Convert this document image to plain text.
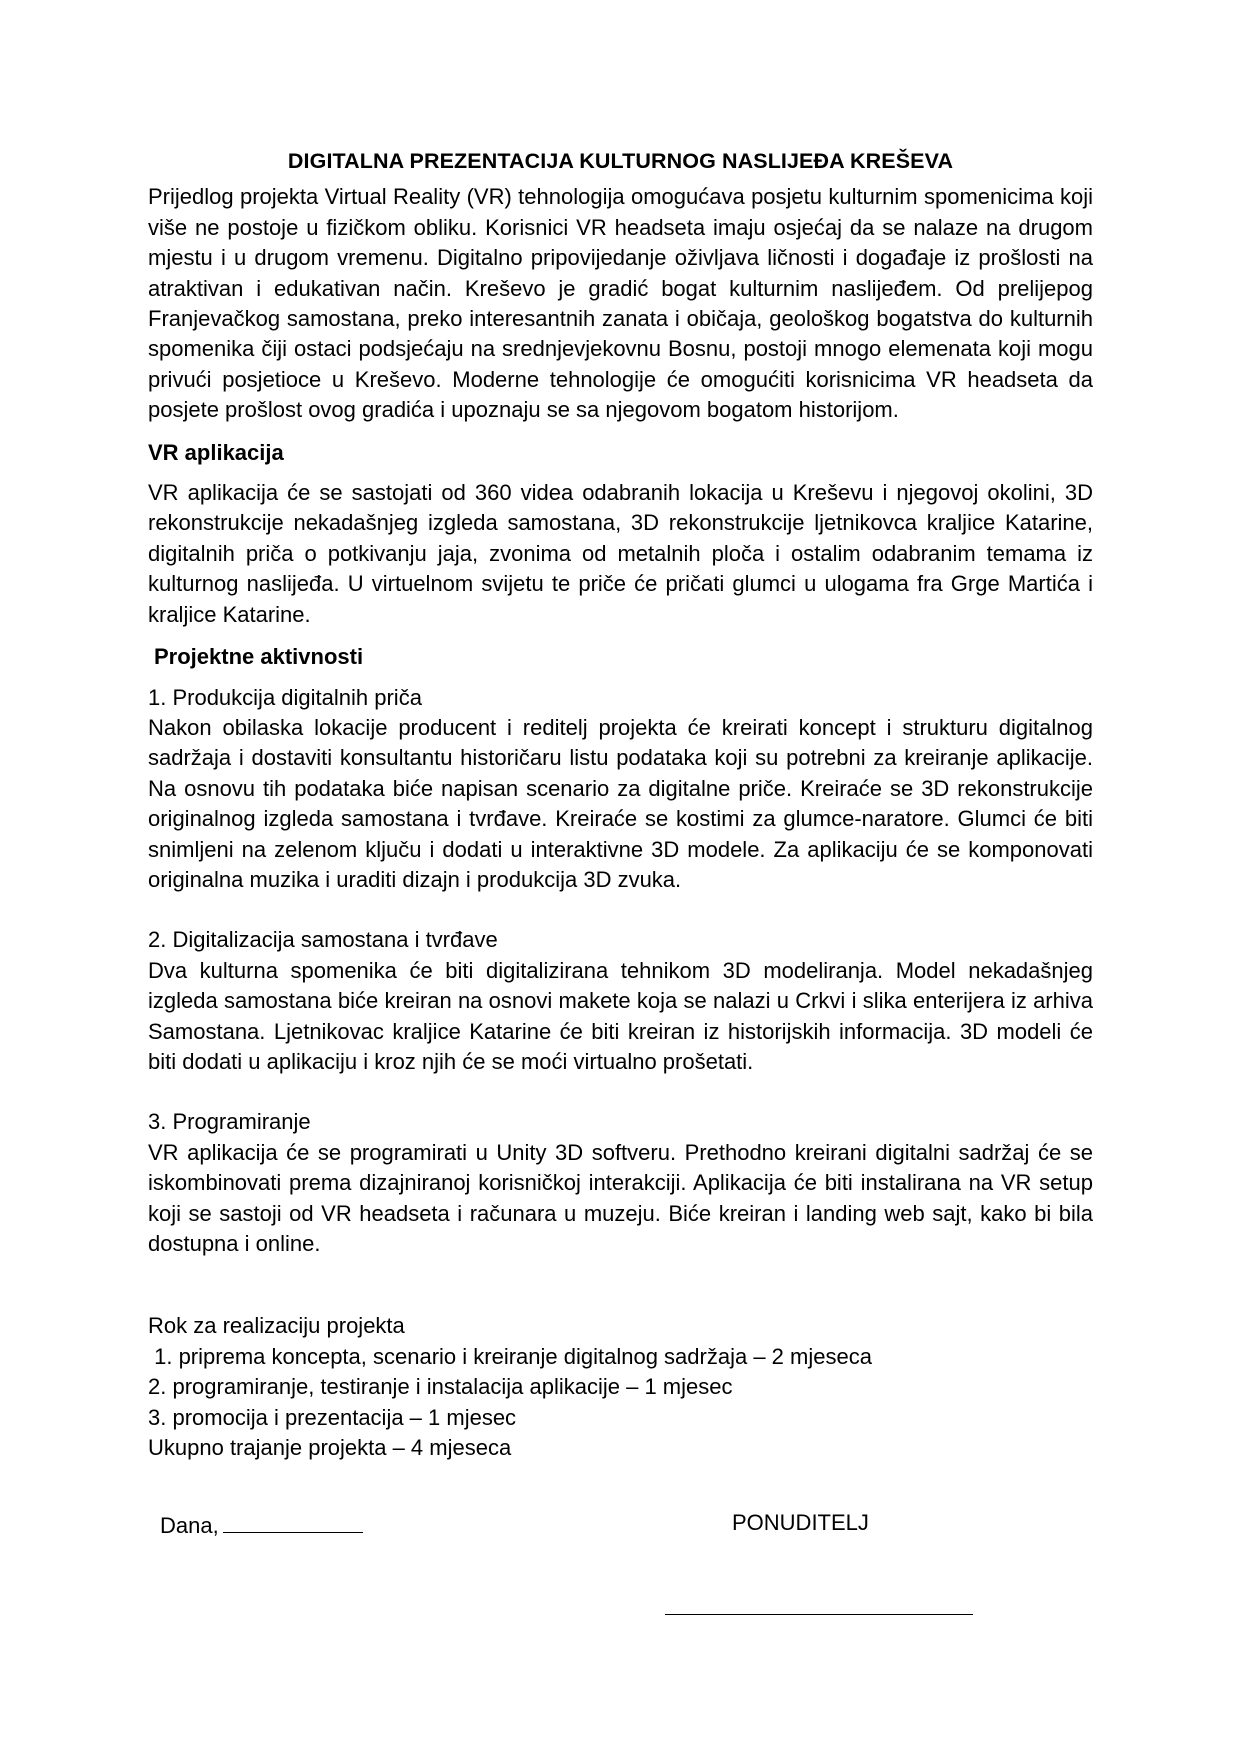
DIGITALNA PREZENTACIJA KULTURNOG NASLIJEĐA KREŠEVA

Prijedlog projekta Virtual Reality (VR) tehnologija omogućava posjetu kulturnim spomenicima koji više ne postoje u fizičkom obliku. Korisnici VR headseta imaju osjećaj da se nalaze na drugom mjestu i u drugom vremenu. Digitalno pripovijedanje oživljava ličnosti i događaje iz prošlosti na atraktivan i edukativan način. Kreševo je gradić bogat kulturnim naslijeđem. Od prelijepog Franjevačkog samostana, preko interesantnih zanata i običaja, geološkog bogatstva do kulturnih spomenika čiji ostaci podsjećaju na srednjevjekovnu Bosnu, postoji mnogo elemenata koji mogu privući posjetioce u Kreševo. Moderne tehnologije će omogućiti korisnicima VR headseta da posjete prošlost ovog gradića i upoznaju se sa njegovom bogatom historijom.

VR aplikacija

VR aplikacija će se sastojati od 360 videa odabranih lokacija u Kreševu i njegovoj okolini, 3D rekonstrukcije nekadašnjeg izgleda samostana, 3D rekonstrukcije ljetnikovca kraljice Katarine, digitalnih priča o potkivanju jaja, zvonima od metalnih ploča i ostalim odabranim temama iz kulturnog naslijeđa. U virtuelnom svijetu te priče će pričati glumci u ulogama fra Grge Martića i kraljice Katarine.

Projektne aktivnosti

1. Produkcija digitalnih priča

Nakon obilaska lokacije producent i reditelj projekta će kreirati koncept i strukturu digitalnog sadržaja i dostaviti konsultantu historičaru listu podataka koji su potrebni za kreiranje aplikacije. Na osnovu tih podataka biće napisan scenario za digitalne priče. Kreiraće se 3D rekonstrukcije originalnog izgleda samostana i tvrđave. Kreiraće se kostimi za glumce-naratore. Glumci će biti snimljeni na zelenom ključu i dodati u interaktivne 3D modele. Za aplikaciju će se komponovati originalna muzika i uraditi dizajn i produkcija 3D zvuka.

2. Digitalizacija samostana i tvrđave

Dva kulturna spomenika će biti digitalizirana tehnikom 3D modeliranja. Model nekadašnjeg izgleda samostana biće kreiran na osnovi makete koja se nalazi u Crkvi i slika enterijera iz arhiva Samostana. Ljetnikovac kraljice Katarine će biti kreiran iz historijskih informacija. 3D modeli će biti dodati u aplikaciju i kroz njih će se moći virtualno prošetati.

3. Programiranje

VR aplikacija će se programirati u Unity 3D softveru. Prethodno kreirani digitalni sadržaj će se iskombinovati prema dizajniranoj korisničkoj interakciji. Aplikacija će biti instalirana na VR setup koji se sastoji od VR headseta i računara u muzeju. Biće kreiran i landing web sajt, kako bi bila dostupna i online.

Rok za realizaciju projekta

1. priprema koncepta, scenario i kreiranje digitalnog sadržaja – 2 mjeseca

2. programiranje, testiranje i instalacija aplikacije – 1 mjesec

3. promocija i prezentacija – 1 mjesec

Ukupno trajanje projekta – 4 mjeseca

Dana,	PONUDITELJ
